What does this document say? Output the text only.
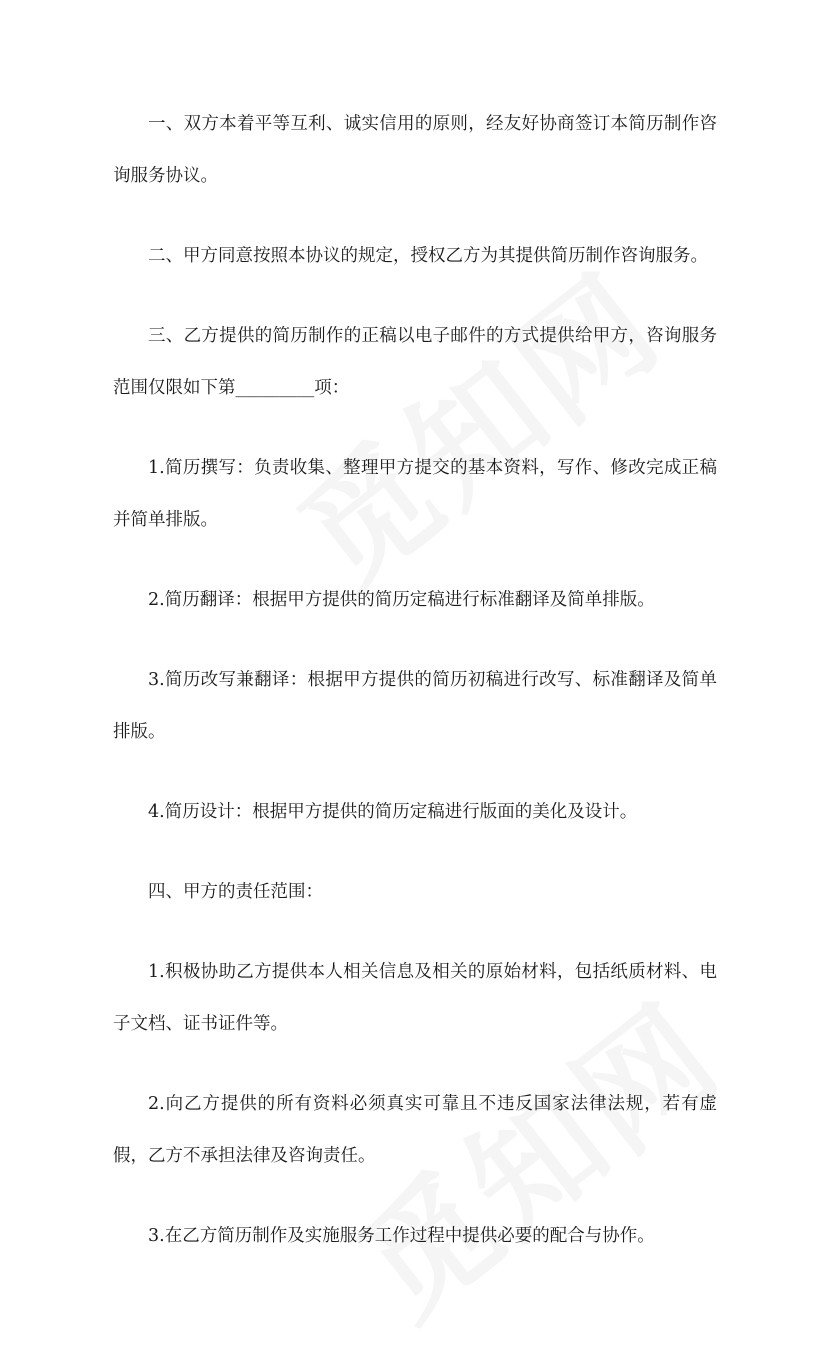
一、双方本着平等互利、诚实信用的原则，经友好协商签订本简历制作咨询服务协议。

二、甲方同意按照本协议的规定，授权乙方为其提供简历制作咨询服务。

三、乙方提供的简历制作的正稿以电子邮件的方式提供给甲方，咨询服务范围仅限如下第_________项：

1.简历撰写：负责收集、整理甲方提交的基本资料，写作、修改完成正稿并简单排版。

2.简历翻译：根据甲方提供的简历定稿进行标准翻译及简单排版。

3.简历改写兼翻译：根据甲方提供的简历初稿进行改写、标准翻译及简单排版。

4.简历设计：根据甲方提供的简历定稿进行版面的美化及设计。

四、甲方的责任范围：

1.积极协助乙方提供本人相关信息及相关的原始材料，包括纸质材料、电子文档、证书证件等。

2.向乙方提供的所有资料必须真实可靠且不违反国家法律法规，若有虚假，乙方不承担法律及咨询责任。

3.在乙方简历制作及实施服务工作过程中提供必要的配合与协作。
